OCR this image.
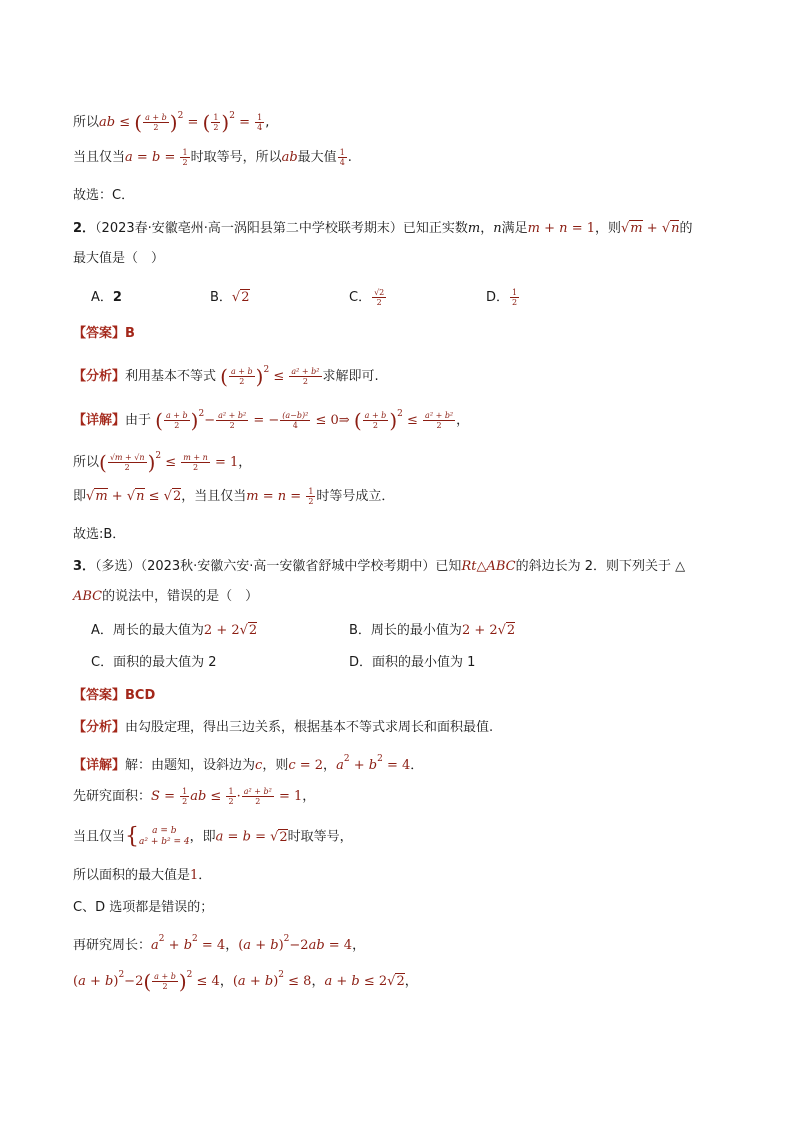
所以ab ≤ ( $\frac{a + b}{2} )^2$ = ( $\frac{1}{2} )^2 = \frac{1}{4}$ ,
当且仅当$a = b = \frac{1}{2}$ 时取等号，所以ab最大值 $\frac{1}{4}$ .
故选：C．
2．（2023春·安徽亳州·高一涡阳县第二中学校联考期末）已知正实数m，n满足m + n = 1，则√m + √n的
最大值是（　）
A．2	B．√2	C． $\frac{√2}{2}$	D． $\frac{1}{2}$
【答案】B
【分析】利用基本不等式 ( $\frac{a + b}{2} )^2 \le \frac{\text{a² + b²}}{2}$ 求解即可.
【详解】由于 ( $\frac{a + b}{2} )^2- \frac{\text{a² + b²}}{2}$ = − $\frac{\text{(a−b)²}}{4}$ ≤ 0⇒ ( $\frac{a + b}{2} )^2 \le \frac{\text{a² + b²}}{2}$ ，
所以( $\frac{√m + √n}{2} )^2 \le \frac{m + n}{2} = 1$，
即√m + √n ≤ √2，当且仅当$m = n = \frac{1}{2}$ 时等号成立．
故选:B．
3．（多选）（2023秋·安徽六安·高一安徽省舒城中学校考期中）已知Rt△ABC的斜边长为 2．则下列关于 △
ABC的说法中，错误的是（　）
A．周长的最大值为2 + 2√2	B．周长的最小值为2 + 2√2
C．面积的最大值为 2	D．面积的最小值为 1
【答案】BCD
【分析】由勾股定理，得出三边关系，根据基本不等式求周长和面积最值.
【详解】解：由题知，设斜边为c，则c = 2，$a^2 + b^2 = 4$．
先研究面积：$S = \frac{1}{2}$ ab ≤ $\frac{1}{2} \cdot \frac{\text{a² + b²}}{2} = 1$，
当且仅当{	a = b
a² + b² = 4 ，即a = b = √2时取等号，
所以面积的最大值是1．
C、D 选项都是错误的；
再研究周长：$a^2 + b^2 = 4$，$(a + b)^2-2ab = 4$，
$(a + b)^2-2( \frac{a + b}{2} )^2 \le 4$，$(a + b)^2 \le 8$，a + b ≤ 2√2，
